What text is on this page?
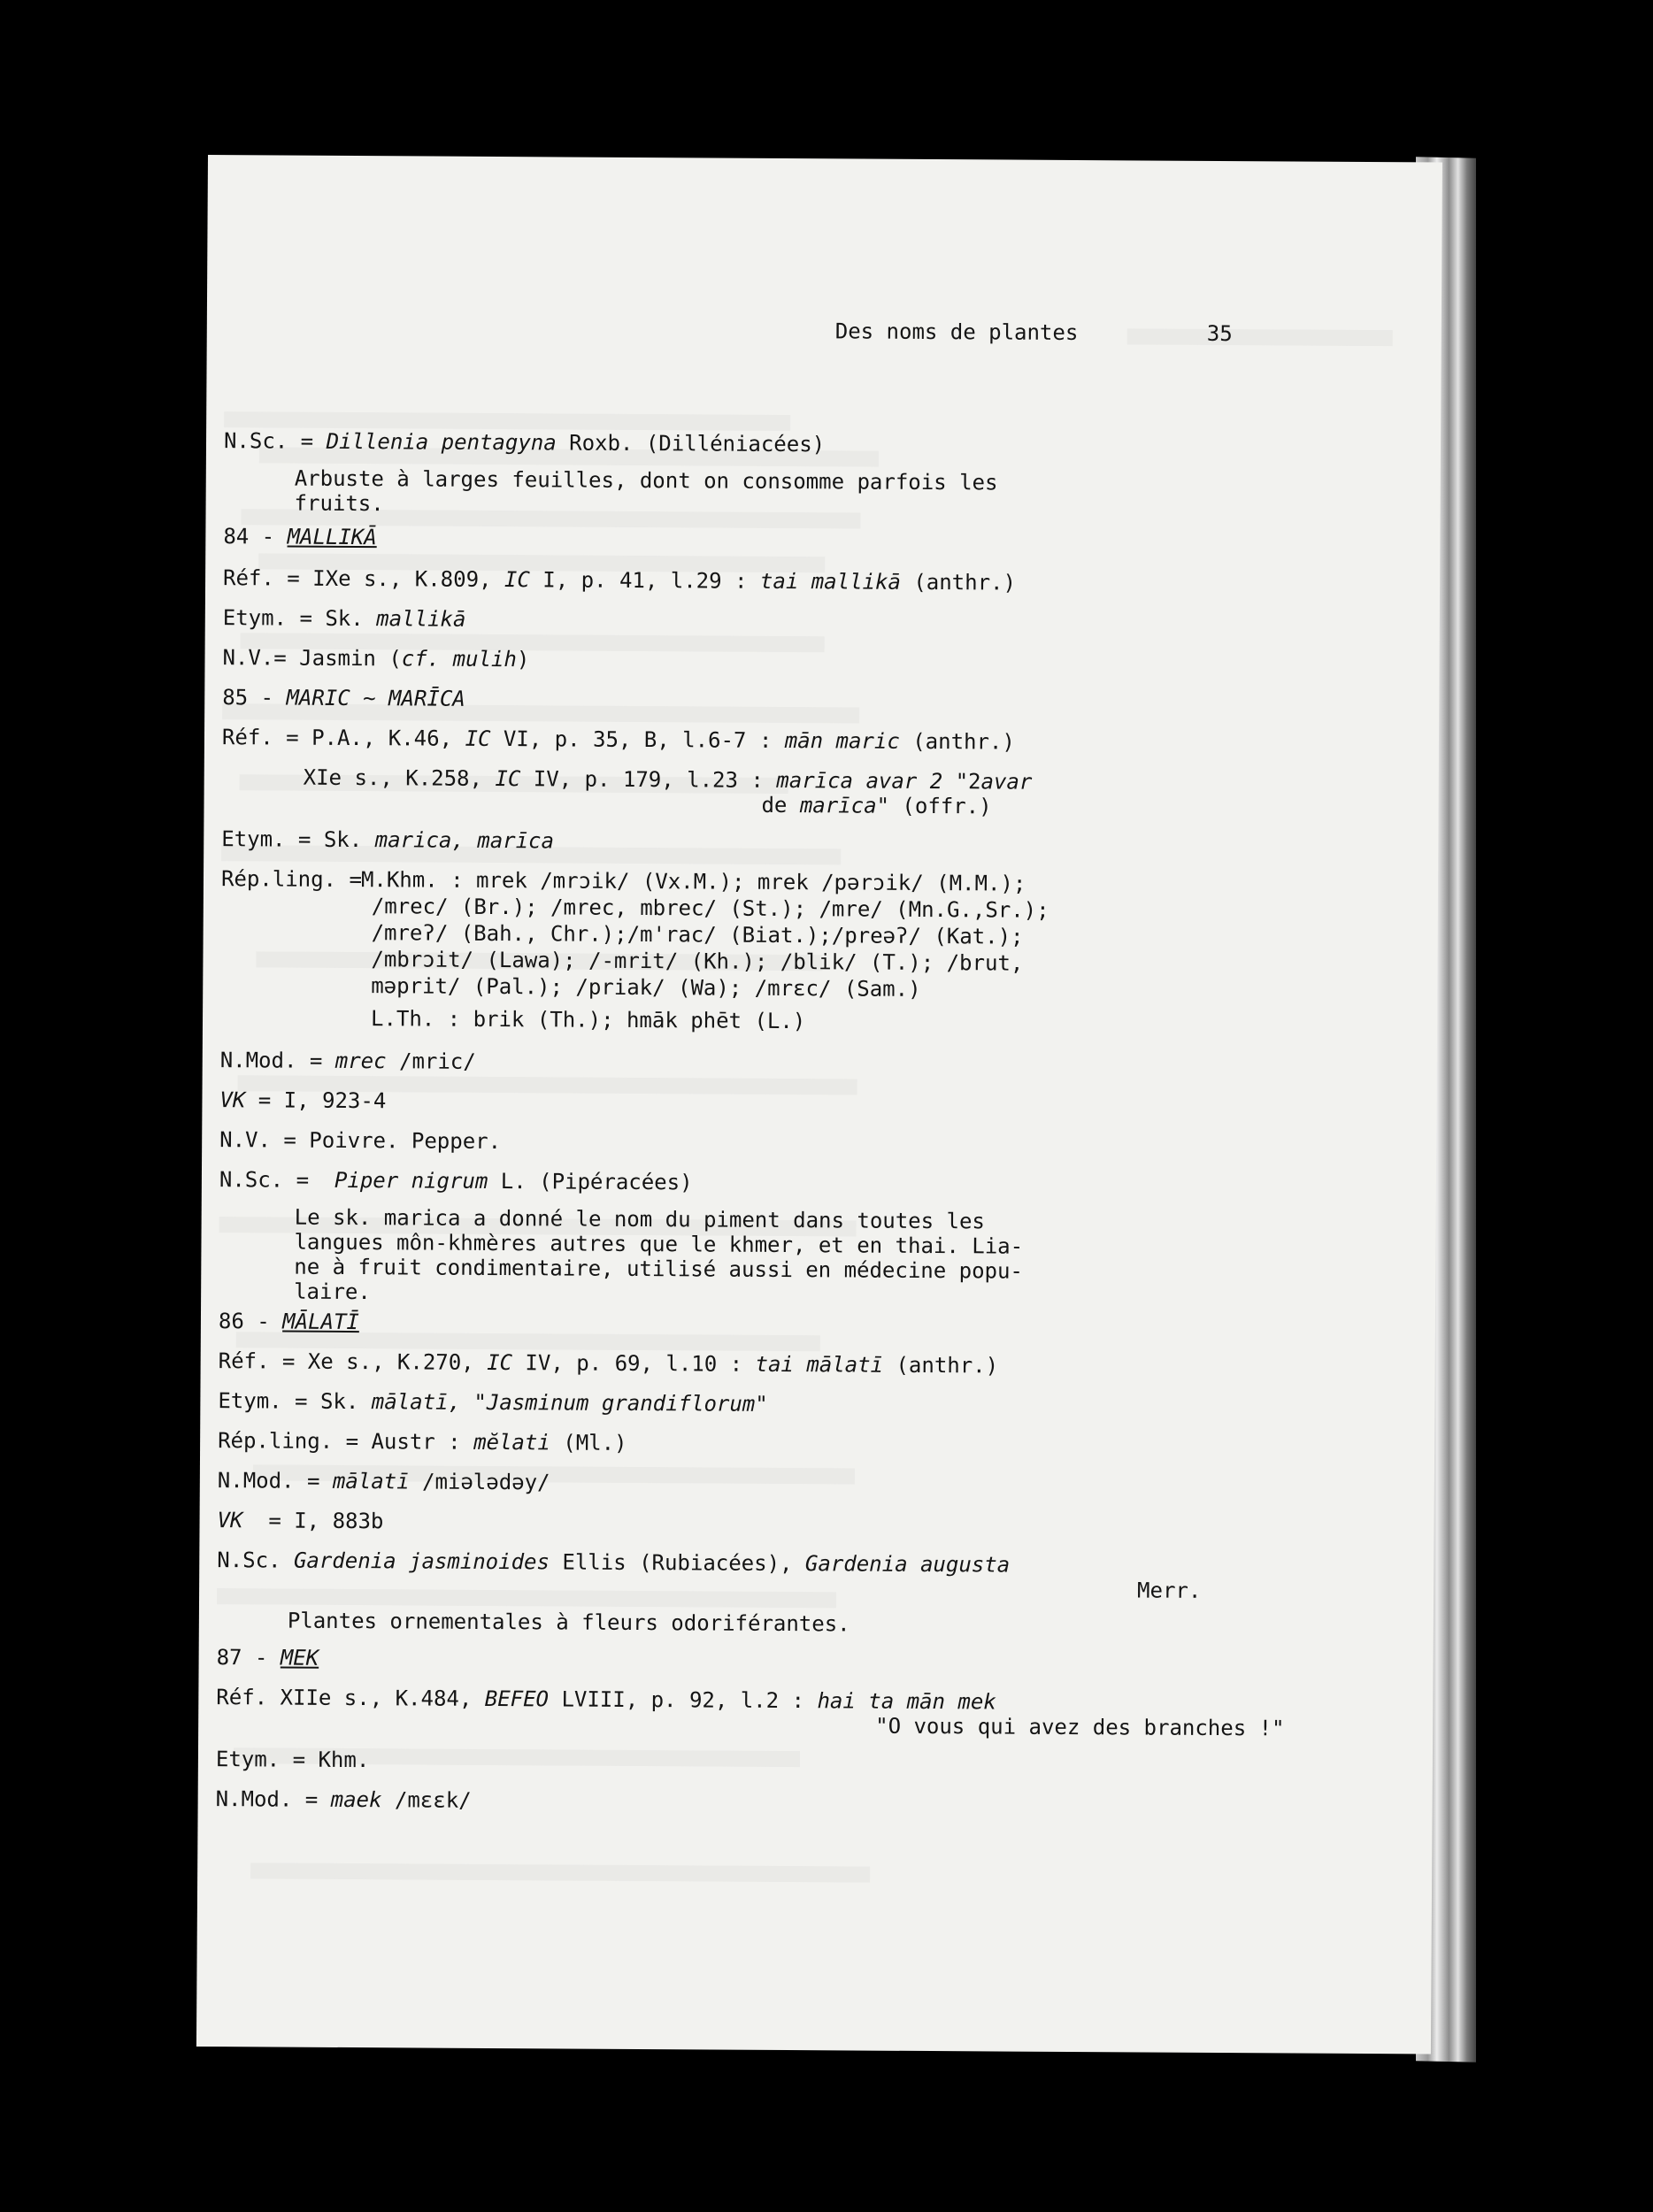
Des noms de plantes	35
N.Sc. = Dillenia pentagyna Roxb. (Dilléniacées)
Arbuste à larges feuilles, dont on consomme parfois les
fruits.
84 - MALLIKĀ
Réf. = IXe s., K.809, IC I, p. 41, l.29 : tai mallikā (anthr.)
Etym. = Sk. mallikā
N.V.= Jasmin (cf. mulih)
85 - MARIC ∼ MARĪCA
Réf. = P.A., K.46, IC VI, p. 35, B, l.6-7 : mān maric (anthr.)
XIe s., K.258, IC IV, p. 179, l.23 : marīca avar 2 "2avar
de marīca" (offr.)
Etym. = Sk. marica, marīca
Rép.ling. =
M.Khm. : mrek /mrɔik/ (Vx.M.); mrek /pərɔik/ (M.M.);
/mrec/ (Br.); /mrec, mbrec/ (St.); /mre/ (Mn.G.,Sr.);
/mreʔ/ (Bah., Chr.);/m'rac/ (Biat.);/preəʔ/ (Kat.);
/mbrɔit/ (Lawa); /-mrit/ (Kh.); /blik/ (T.); /brut,
məprit/ (Pal.); /priak/ (Wa); /mrɛc/ (Sam.)
L.Th. : brik (Th.); hmāk phēt (L.)
N.Mod. = mrec /mric/
VK = I, 923-4
N.V. = Poivre. Pepper.
N.Sc. = Piper nigrum L. (Pipéracées)
Le sk. marica a donné le nom du piment dans toutes les
langues môn-khmères autres que le khmer, et en thai. Lia-
ne à fruit condimentaire, utilisé aussi en médecine popu-
laire.
86 - MĀLATĪ
Réf. = Xe s., K.270, IC IV, p. 69, l.10 : tai mālatī (anthr.)
Etym. = Sk. mālatī, "Jasminum grandiflorum"
Rép.ling. = Austr : mĕlati (Ml.)
N.Mod. = mālatī /miələdəy/
VK = I, 883b
N.Sc. Gardenia jasminoides Ellis (Rubiacées), Gardenia augusta
Merr.
Plantes ornementales à fleurs odoriférantes.
87 - MEK
Réf. XIIe s., K.484, BEFEO LVIII, p. 92, l.2 : hai ta mān mek
"O vous qui avez des branches !"
Etym. = Khm.
N.Mod. = maek /mɛɛk/
